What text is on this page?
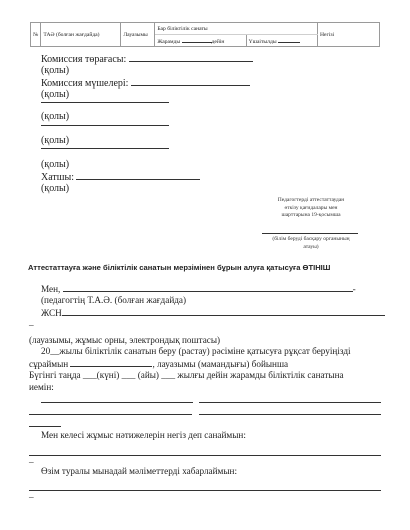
№	ТАӘ (болған жағдайда)	Лауазымы	Бар біліктілік санаты		Негізі
			Жарамды дейін	Үшаітылды	
Комиссия төрағасы:
(қолы)
Комиссия мүшелері:
(қолы)
(қолы)
(қолы)
(қолы)
Хатшы:
(қолы)
Педагогтерді аттестаттаудан
өткізу қағидалары мен
шарттарына 19-қосымша
(білім беруді басқару органының
атауы)
Аттестаттауға және біліктілік санатын мерзімінен бұрын алуға қатысуға ӨТІНІШ
Мен,	-
(педагогтің Т.А.Ә. (болған жағдайда)
ЖСН
–
(лауазымы, жұмыс орны, электрондық поштасы)
20__жылы біліктілік санатын беру (растау) рәсіміне қатысуға рұқсат беруіңізді
сұраймын	, лауазымы (мамандығы) бойынша
Бүгінгі таңда ___(күні) ___ (айы) ___ жылғы дейін жарамды біліктілік санатына
иемін:
Мен келесі жұмыс нәтижелерін негіз деп санаймын:
–
Өзім туралы мынадай мәліметтерді хабарлаймын:
–
